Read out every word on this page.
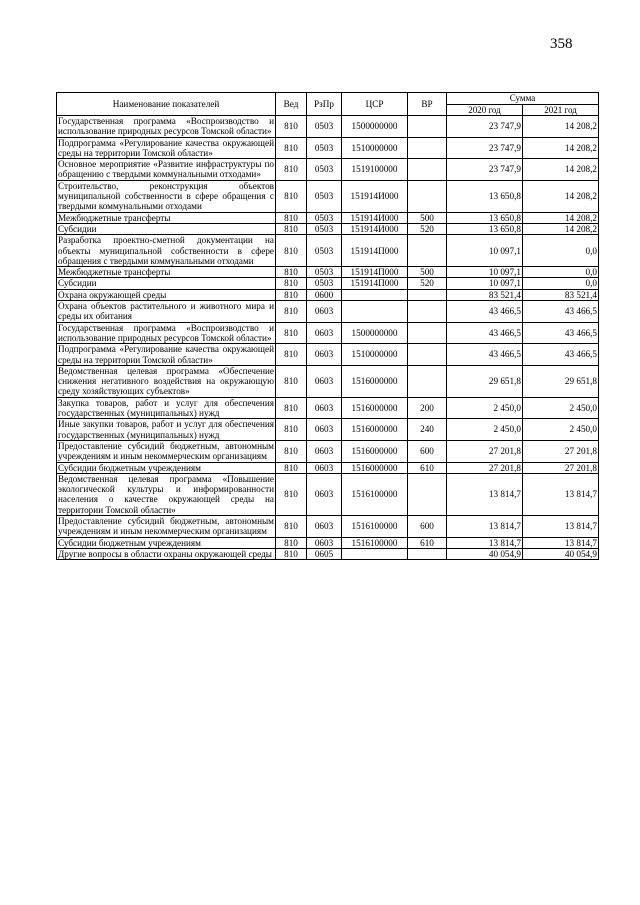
358
Наименование показателей	Вед	РзПр	ЦСР	ВР	Сумма	
					2020 год	2021 год
Государственная программа «Воспроизводство и использование природных ресурсов Томской области»	810	0503	1500000000		23 747,9	14 208,2
Подпрограмма «Регулирование качества окружающей среды на территории Томской области»	810	0503	1510000000		23 747,9	14 208,2
Основное мероприятие «Развитие инфраструктуры по обращению с твердыми коммунальными отходами»	810	0503	1519100000		23 747,9	14 208,2
Строительство, реконструкция объектов муниципальной собственности в сфере обращения с твердыми коммунальными отходами	810	0503	151914И000		13 650,8	14 208,2
Межбюджетные трансферты	810	0503	151914И000	500	13 650,8	14 208,2
Субсидии	810	0503	151914И000	520	13 650,8	14 208,2
Разработка проектно-сметной документации на объекты муниципальной собственности в сфере обращения с твердыми коммунальными отходами	810	0503	151914П000		10 097,1	0,0
Межбюджетные трансферты	810	0503	151914П000	500	10 097,1	0,0
Субсидии	810	0503	151914П000	520	10 097,1	0,0
Охрана окружающей среды	810	0600			83 521,4	83 521,4
Охрана объектов растительного и животного мира и среды их обитания	810	0603			43 466,5	43 466,5
Государственная программа «Воспроизводство и использование природных ресурсов Томской области»	810	0603	1500000000		43 466,5	43 466,5
Подпрограмма «Регулирование качества окружающей среды на территории Томской области»	810	0603	1510000000		43 466,5	43 466,5
Ведомственная целевая программа «Обеспечение снижения негативного воздействия на окружающую среду хозяйствующих субъектов»	810	0603	1516000000		29 651,8	29 651,8
Закупка товаров, работ и услуг для обеспечения государственных (муниципальных) нужд	810	0603	1516000000	200	2 450,0	2 450,0
Иные закупки товаров, работ и услуг для обеспечения государственных (муниципальных) нужд	810	0603	1516000000	240	2 450,0	2 450,0
Предоставление субсидий бюджетным, автономным учреждениям и иным некоммерческим организациям	810	0603	1516000000	600	27 201,8	27 201,8
Субсидии бюджетным учреждениям	810	0603	1516000000	610	27 201,8	27 201,8
Ведомственная целевая программа «Повышение экологической культуры и информированности населения о качестве окружающей среды на территории Томской области»	810	0603	1516100000		13 814,7	13 814,7
Предоставление субсидий бюджетным, автономным учреждениям и иным некоммерческим организациям	810	0603	1516100000	600	13 814,7	13 814,7
Субсидии бюджетным учреждениям	810	0603	1516100000	610	13 814,7	13 814,7
Другие вопросы в области охраны окружающей среды	810	0605			40 054,9	40 054,9
